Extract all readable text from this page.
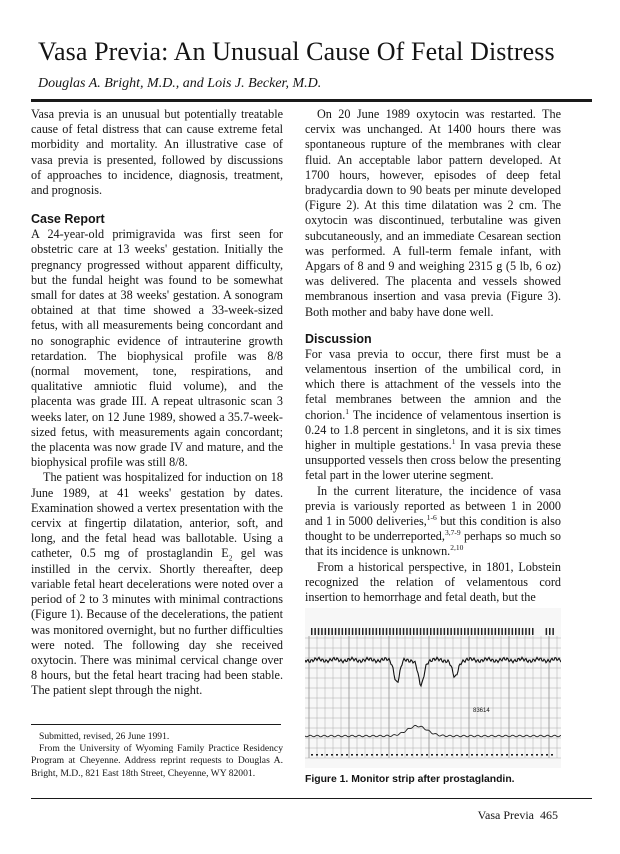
Vasa Previa: An Unusual Cause Of Fetal Distress
Douglas A. Bright, M.D., and Lois J. Becker, M.D.

Vasa previa is an unusual but potentially treatable cause of fetal distress that can cause extreme fetal morbidity and mortality. An illustrative case of vasa previa is presented, followed by discussions of approaches to incidence, diagnosis, treatment, and prognosis.

Case Report

A 24-year-old primigravida was first seen for obstetric care at 13 weeks' gestation. Initially the pregnancy progressed without apparent difficulty, but the fundal height was found to be somewhat small for dates at 38 weeks' gestation. A sonogram obtained at that time showed a 33-week-sized fetus, with all measurements being concordant and no sonographic evidence of intrauterine growth retardation. The biophysical profile was 8/8 (normal movement, tone, respirations, and qualitative amniotic fluid volume), and the placenta was grade III. A repeat ultrasonic scan 3 weeks later, on 12 June 1989, showed a 35.7-week-sized fetus, with measurements again concordant; the placenta was now grade IV and mature, and the biophysical profile was still 8/8.

The patient was hospitalized for induction on 18 June 1989, at 41 weeks' gestation by dates. Examination showed a vertex presentation with the cervix at fingertip dilatation, anterior, soft, and long, and the fetal head was ballotable. Using a catheter, 0.5 mg of prostaglandin $E_2$ gel was instilled in the cervix. Shortly thereafter, deep variable fetal heart decelerations were noted over a period of 2 to 3 minutes with minimal contractions (Figure 1). Because of the decelerations, the patient was monitored overnight, but no further difficulties were noted. The following day she received oxytocin. There was minimal cervical change over 8 hours, but the fetal heart tracing had been stable. The patient slept through the night.

Submitted, revised, 26 June 1991.

From the University of Wyoming Family Practice Residency Program at Cheyenne. Address reprint requests to Douglas A. Bright, M.D., 821 East 18th Street, Cheyenne, WY 82001.

On 20 June 1989 oxytocin was restarted. The cervix was unchanged. At 1400 hours there was spontaneous rupture of the membranes with clear fluid. An acceptable labor pattern developed. At 1700 hours, however, episodes of deep fetal bradycardia down to 90 beats per minute developed (Figure 2). At this time dilatation was 2 cm. The oxytocin was discontinued, terbutaline was given subcutaneously, and an immediate Cesarean section was performed. A full-term female infant, with Apgars of 8 and 9 and weighing 2315 g (5 lb, 6 oz) was delivered. The placenta and vessels showed membranous insertion and vasa previa (Figure 3). Both mother and baby have done well.

Discussion

For vasa previa to occur, there first must be a velamentous insertion of the umbilical cord, in which there is attachment of the vessels into the fetal membranes between the amnion and the chorion.$^1$ The incidence of velamentous insertion is 0.24 to 1.8 percent in singletons, and it is six times higher in multiple gestations.$^1$ In vasa previa these unsupported vessels then cross below the presenting fetal part in the lower uterine segment.

In the current literature, the incidence of vasa previa is variously reported as between 1 in 2000 and 1 in 5000 deliveries,$^{1-6}$ but this condition is also thought to be underreported,$^{3,7-9}$ perhaps so much so that its incidence is unknown.$^{2,10}$

From a historical perspective, in 1801, Lobstein recognized the relation of velamentous cord insertion to hemorrhage and fetal death, but the

83614
Figure 1. Monitor strip after prostaglandin.
Vasa Previa 465
